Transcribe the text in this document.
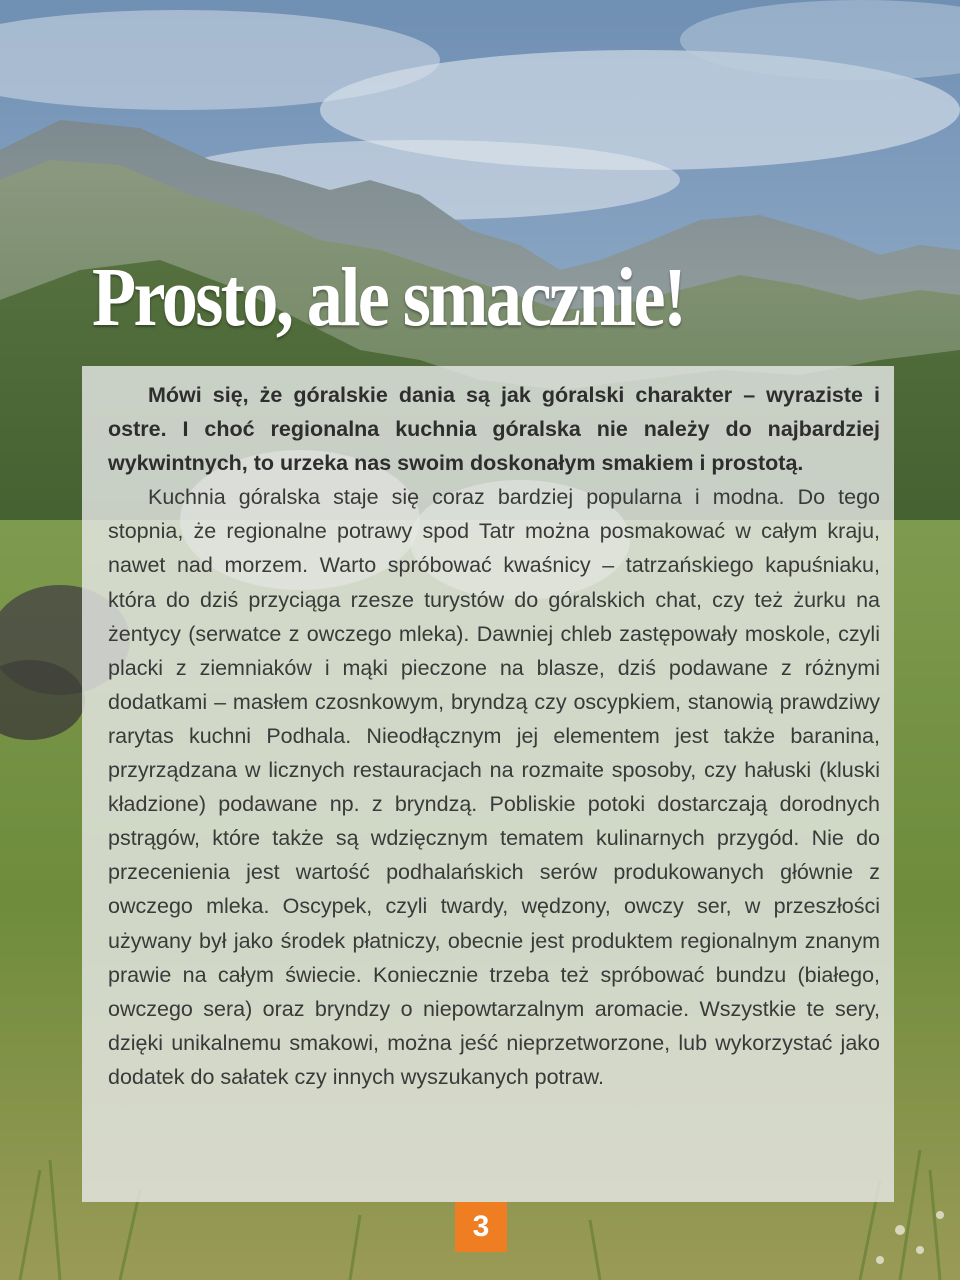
Prosto, ale smacznie!

Mówi się, że góralskie dania są jak góralski charakter – wyraziste i ostre. I choć regionalna kuchnia góralska nie należy do najbardziej wykwintnych, to urzeka nas swoim doskonałym smakiem i prostotą.

Kuchnia góralska staje się coraz bardziej popularna i modna. Do tego stopnia, że regionalne potrawy spod Tatr można posmakować w całym kraju, nawet nad morzem. Warto spróbować kwaśnicy – tatrzańskiego kapuśniaku, która do dziś przyciąga rzesze turystów do góralskich chat, czy też żurku na żentycy (serwatce z owczego mleka). Dawniej chleb zastępowały moskole, czyli placki z ziemniaków i mąki pieczone na blasze, dziś podawane z różnymi dodatkami – masłem czosnkowym, bryndzą czy oscypkiem, stanowią prawdziwy rarytas kuchni Podhala. Nieodłącznym jej elementem jest także baranina, przyrządzana w licznych restauracjach na rozmaite sposoby, czy hałuski (kluski kładzione) podawane np. z bryndzą. Pobliskie potoki dostarczają dorodnych pstrągów, które także są wdzięcznym tematem kulinarnych przygód. Nie do przecenienia jest wartość podhalańskich serów produkowanych głównie z owczego mleka. Oscypek, czyli twardy, wędzony, owczy ser, w przeszłości używany był jako środek płatniczy, obecnie jest produktem regionalnym znanym prawie na całym świecie. Koniecznie trzeba też spróbować bundzu (białego, owczego sera) oraz bryndzy o niepowtarzalnym aromacie. Wszystkie te sery, dzięki unikalnemu smakowi, można jeść nieprzetworzone, lub wykorzystać jako dodatek do sałatek czy innych wyszukanych potraw.

3
